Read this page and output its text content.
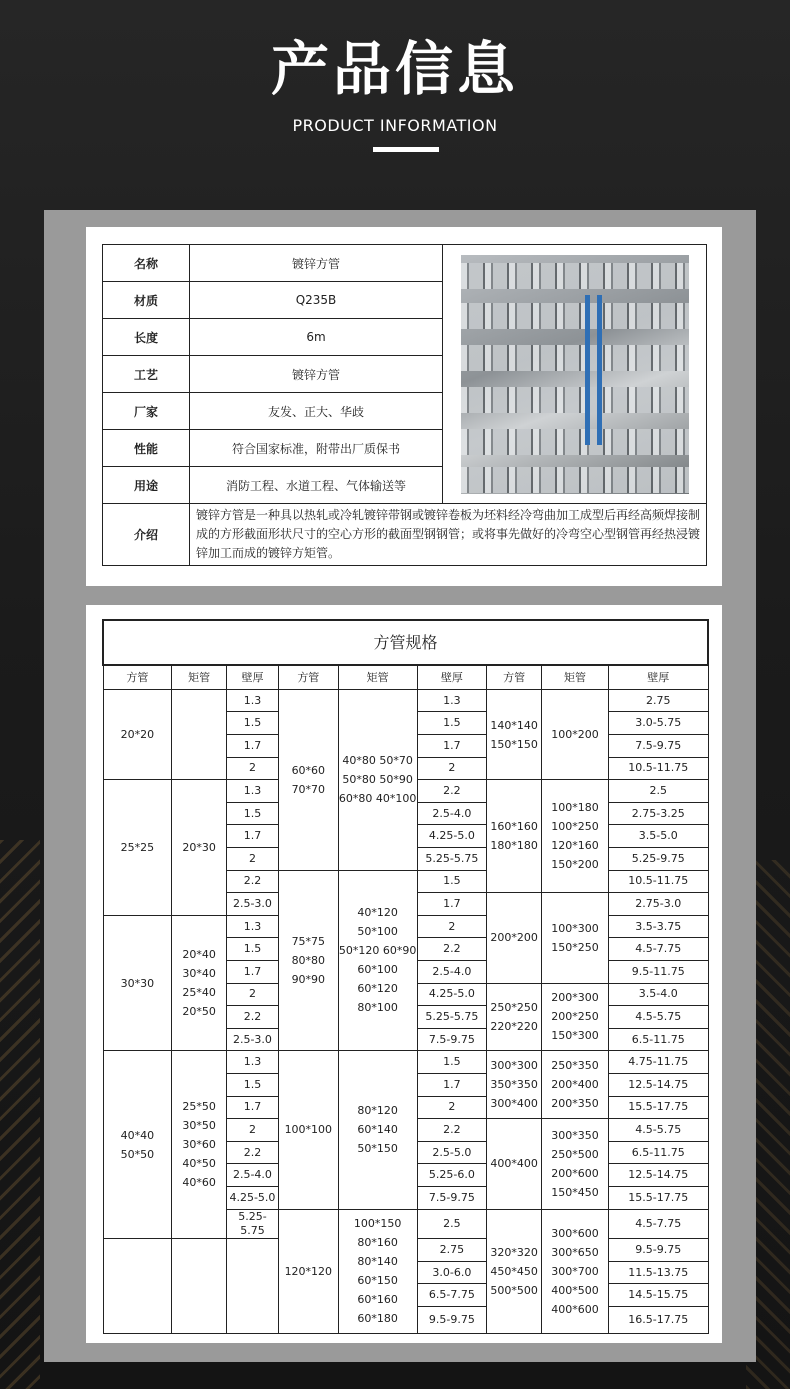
产品信息
PRODUCT INFORMATION
名称	镀锌方管	

材质	Q235B	
长度	6m	
工艺	镀锌方管	
厂家	友发、正大、华歧	
性能	符合国家标准，附带出厂质保书	
用途	消防工程、水道工程、气体输送等	
介绍	镀锌方管是一种具以热轧或冷轧镀锌带钢或镀锌卷板为坯料经冷弯曲加工成型后再经高频焊接制成的方形截面形状尺寸的空心方形的截面型钢钢管；或将事先做好的冷弯空心型钢管再经热浸镀锌加工而成的镀锌方矩管。	
方管规格								
方管	矩管	壁厚	方管	矩管	壁厚	方管	矩管	壁厚
20*20		1.3	60*60 70*70	40*80 50*70 50*80 50*90 60*80 40*100	1.3	140*140 150*150	100*200	2.75
		1.5			1.5			3.0-5.75
		1.7			1.7			7.5-9.75
		2			2			10.5-11.75
25*25	20*30	1.3			2.2	160*160 180*180	100*180 100*250 120*160 150*200	2.5
		1.5			2.5-4.0			2.75-3.25
		1.7			4.25-5.0			3.5-5.0
		2			5.25-5.75			5.25-9.75
		2.2	75*75 80*80 90*90	40*120 50*100 50*120 60*90 60*100 60*120 80*100	1.5			10.5-11.75
		2.5-3.0			1.7	200*200	100*300 150*250	2.75-3.0
30*30	20*40 30*40 25*40 20*50	1.3			2			3.5-3.75
		1.5			2.2			4.5-7.75
		1.7			2.5-4.0			9.5-11.75
		2			4.25-5.0	250*250 220*220	200*300 200*250 150*300	3.5-4.0
		2.2			5.25-5.75			4.5-5.75
		2.5-3.0			7.5-9.75			6.5-11.75
40*40 50*50	25*50 30*50 30*60 40*50 40*60	1.3	100*100	80*120 60*140 50*150	1.5	300*300 350*350 300*400	250*350 200*400 200*350	4.75-11.75
		1.5			1.7			12.5-14.75
		1.7			2			15.5-17.75
		2			2.2	400*400	300*350 250*500 200*600 150*450	4.5-5.75
		2.2			2.5-5.0			6.5-11.75
		2.5-4.0			5.25-6.0			12.5-14.75
		4.25-5.0			7.5-9.75			15.5-17.75
		5.25-5.75	120*120	100*150 80*160 80*140 60*150 60*160 60*180	2.5	320*320 450*450 500*500	300*600 300*650 300*700 400*500 400*600	4.5-7.75
					2.75			9.5-9.75
					3.0-6.0			11.5-13.75
					6.5-7.75			14.5-15.75
					9.5-9.75			16.5-17.75
